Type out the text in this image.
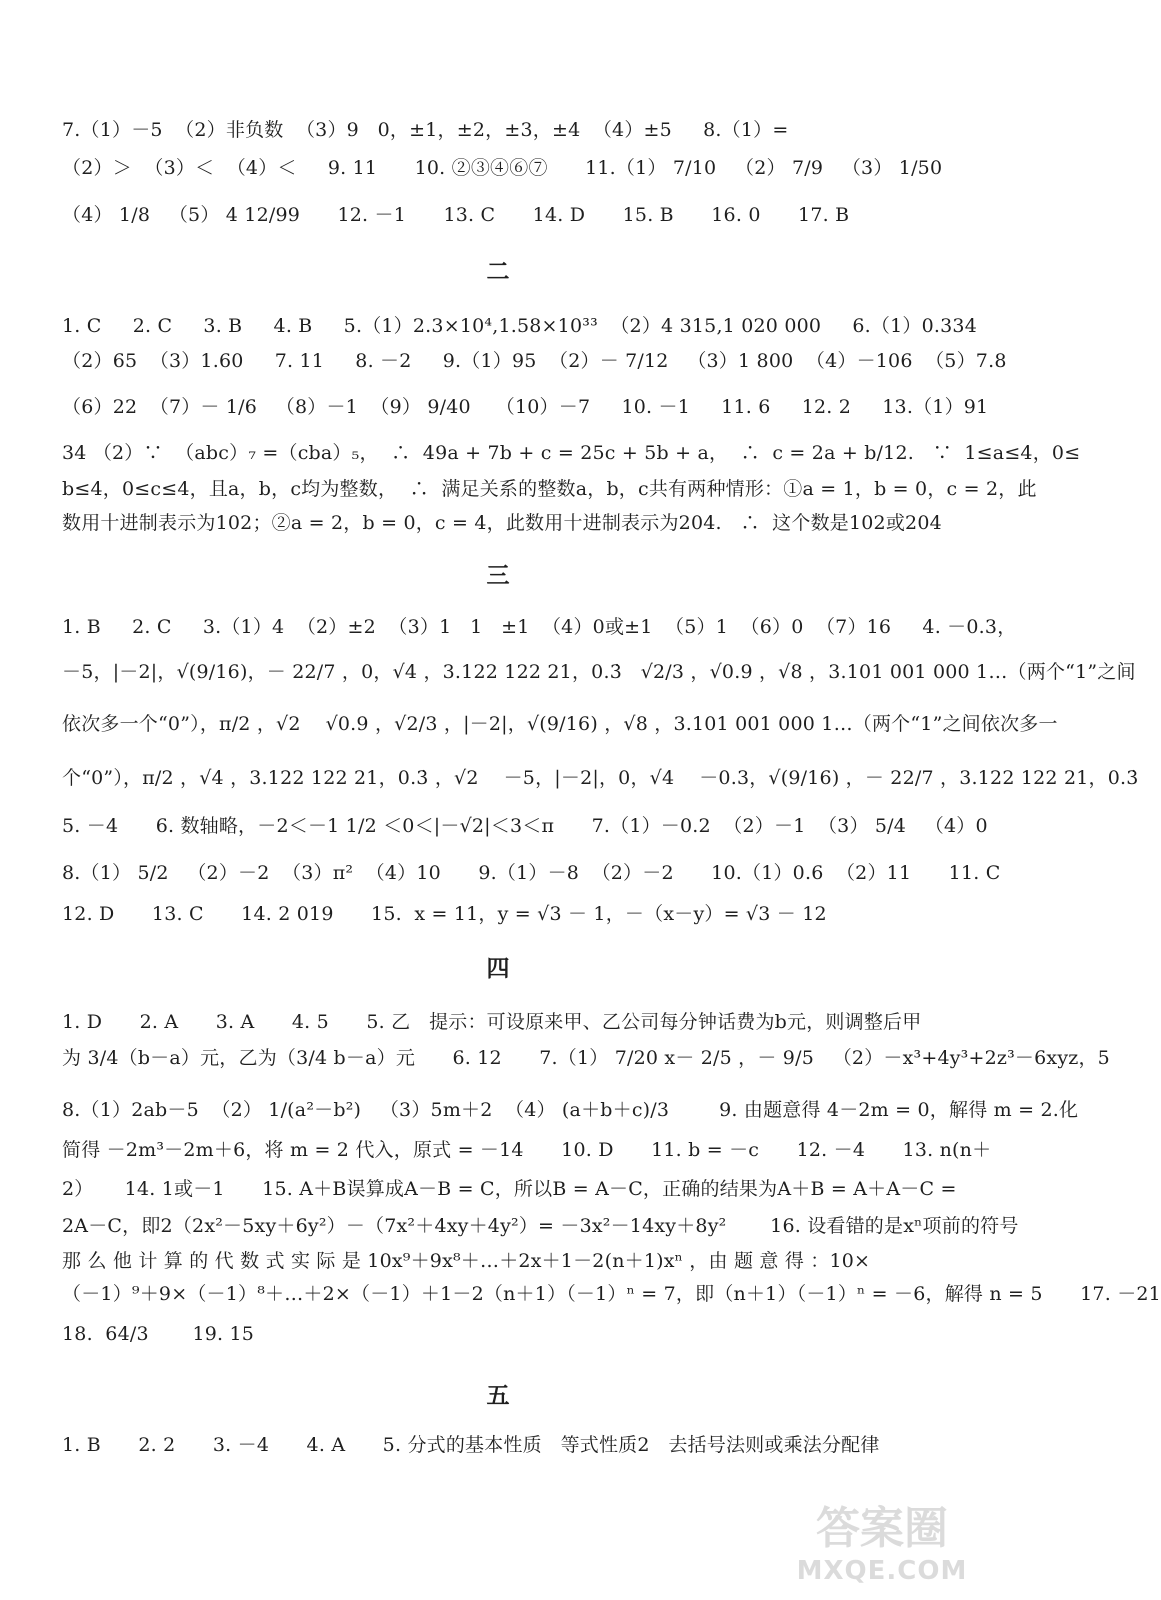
7.（1）－5  （2）非负数  （3）9   0，±1，±2，±3，±4  （4）±5     8.（1）=
（2）＞  （3）＜  （4）＜     9. 11      10. ②③④⑥⑦      11.（1） 7/10   （2） 7/9   （3） 1/50
（4） 1/8   （5） 4 12/99      12. －1      13. C      14. D      15. B      16. 0      17. B
二
1. C     2. C     3. B     4. B     5.（1）2.3×10⁴,1.58×10³³  （2）4 315,1 020 000     6.（1）0.334
（2）65  （3）1.60     7. 11     8. －2     9.（1）95  （2）－ 7/12   （3）1 800  （4）－106  （5）7.8
（6）22  （7）－ 1/6   （8）－1  （9） 9/40    （10）－7     10. －1     11. 6     12. 2     13.（1）91
34 （2）∵  （abc）₇ =（cba）₅，  ∴  49a + 7b + c = 25c + 5b + a，  ∴  c = 2a + b/12.   ∵  1≤a≤4，0≤
b≤4，0≤c≤4，且a，b，c均为整数，  ∴  满足关系的整数a，b，c共有两种情形：①a = 1，b = 0，c = 2，此
数用十进制表示为102；②a = 2，b = 0，c = 4，此数用十进制表示为204.   ∴  这个数是102或204
三
1. B     2. C     3.（1）4  （2）±2  （3）1   1   ±1  （4）0或±1  （5）1  （6）0  （7）16     4. －0.3，
－5，|－2|，√(9/16)，－ 22/7 ，0，√4 ，3.122 122 21，0.3̇   √2/3 ，√0.9 ，√8 ，3.101 001 000 1…（两个“1”之间
依次多一个“0”），π/2 ，√2    √0.9 ，√2/3 ，|－2|，√(9/16) ，√8 ，3.101 001 000 1…（两个“1”之间依次多一
个“0”），π/2 ，√4 ，3.122 122 21，0.3̇ ，√2    －5，|－2|，0，√4    －0.3，√(9/16) ，－ 22/7 ，3.122 122 21，0.3̇
5. －4      6. 数轴略，－2＜－1 1/2 ＜0＜|－√2|＜3＜π      7.（1）－0.2  （2）－1  （3） 5/4   （4）0
8.（1） 5/2   （2）－2  （3）π²  （4）10      9.（1）－8  （2）－2      10.（1）0.6  （2）11      11. C
12. D      13. C      14. 2 019      15.  x = 11，y = √3 － 1，－（x－y）= √3 － 12
四
1. D      2. A      3. A      4. 5      5. 乙   提示：可设原来甲、乙公司每分钟话费为b元，则调整后甲
为 3/4（b－a）元，乙为（3/4 b－a）元      6. 12      7.（1） 7/20 x－ 2/5 ，－ 9/5   （2）－x³+4y³+2z³－6xyz，5
8.（1）2ab－5  （2） 1/(a²－b²)   （3）5m＋2  （4） (a＋b＋c)/3        9. 由题意得 4－2m = 0，解得 m = 2.化
简得 －2m³－2m＋6，将 m = 2 代入，原式 = －14      10. D      11. b = －c      12. －4      13. n(n＋
2）     14. 1或－1      15. A＋B误算成A－B = C，所以B = A－C，正确的结果为A＋B = A＋A－C =
2A－C，即2（2x²－5xy＋6y²）－（7x²＋4xy＋4y²）= －3x²－14xy＋8y²       16. 设看错的是xⁿ项前的符号
那 么 他 计 算 的 代 数 式 实 际 是 10x⁹＋9x⁸＋…＋2x＋1－2(n＋1)xⁿ ，由 题 意 得 ：10×
（－1）⁹＋9×（－1）⁸＋…＋2×（－1）＋1－2（n＋1）（－1）ⁿ = 7，即（n＋1）（－1）ⁿ = －6，解得 n = 5      17. －21
18.  64/3       19. 15
五
1. B      2. 2      3. －4      4. A      5. 分式的基本性质   等式性质2   去括号法则或乘法分配律
答案圈
MXQE.COM
